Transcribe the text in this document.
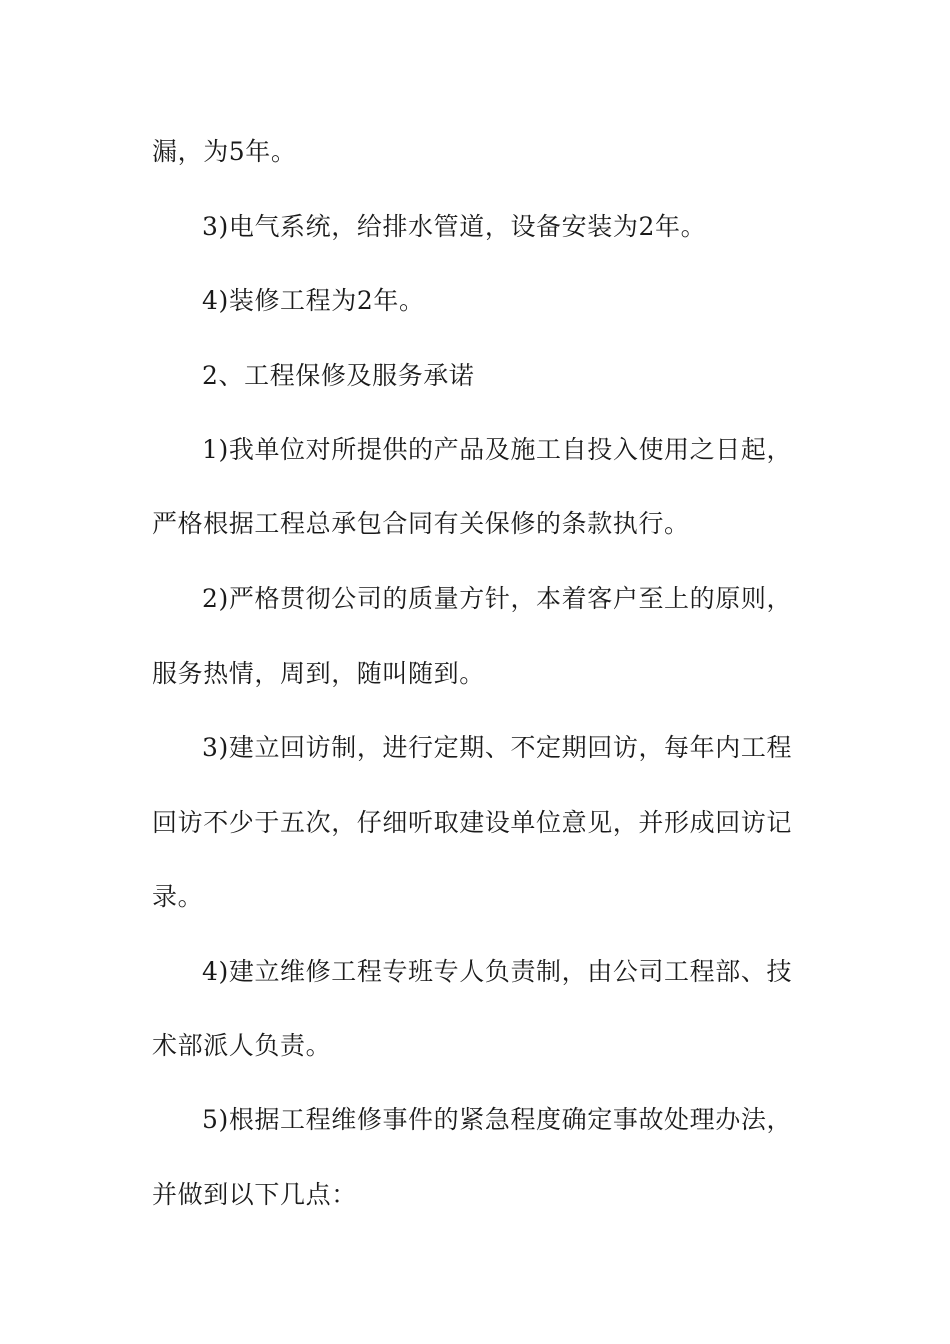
漏，为5年。
3)电气系统，给排水管道，设备安装为2年。
4)装修工程为2年。
2、工程保修及服务承诺
1)我单位对所提供的产品及施工自投入使用之日起，
严格根据工程总承包合同有关保修的条款执行。
2)严格贯彻公司的质量方针，本着客户至上的原则，
服务热情，周到，随叫随到。
3)建立回访制，进行定期、不定期回访，每年内工程
回访不少于五次，仔细听取建设单位意见，并形成回访记
录。
4)建立维修工程专班专人负责制，由公司工程部、技
术部派人负责。
5)根据工程维修事件的紧急程度确定事故处理办法，
并做到以下几点：
